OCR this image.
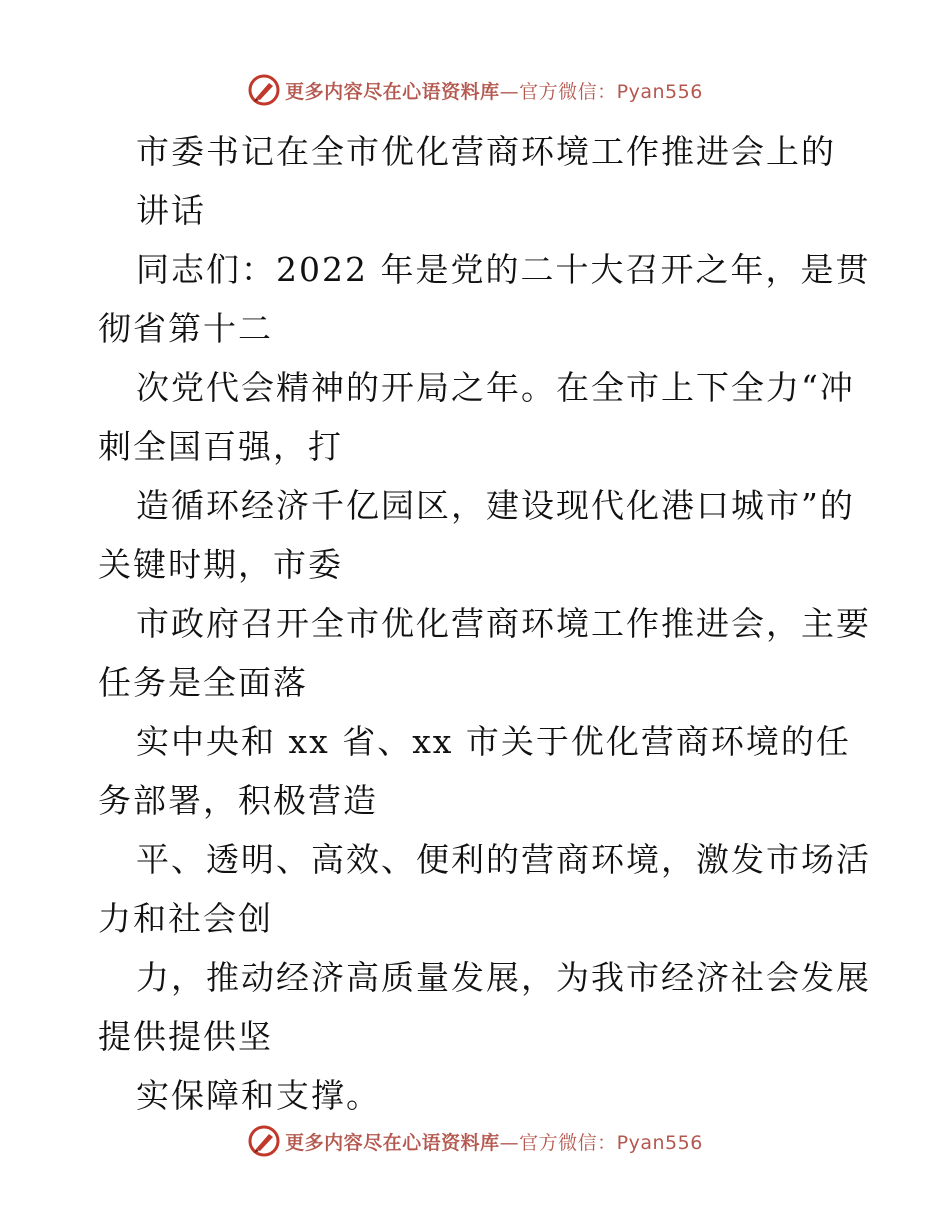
更多内容尽在心语资料库—官方微信：Pyan556
市委书记在全市优化营商环境工作推进会上的
讲话
同志们：2022 年是党的二十大召开之年，是贯
彻省第十二
次党代会精神的开局之年。在全市上下全力“冲
刺全国百强，打
造循环经济千亿园区，建设现代化港口城市”的
关键时期，市委
市政府召开全市优化营商环境工作推进会，主要
任务是全面落
实中央和 xx 省、xx 市关于优化营商环境的任
务部署，积极营造
平、透明、高效、便利的营商环境，激发市场活
力和社会创
力，推动经济高质量发展，为我市经济社会发展
提供提供坚
实保障和支撑。
更多内容尽在心语资料库—官方微信：Pyan556
